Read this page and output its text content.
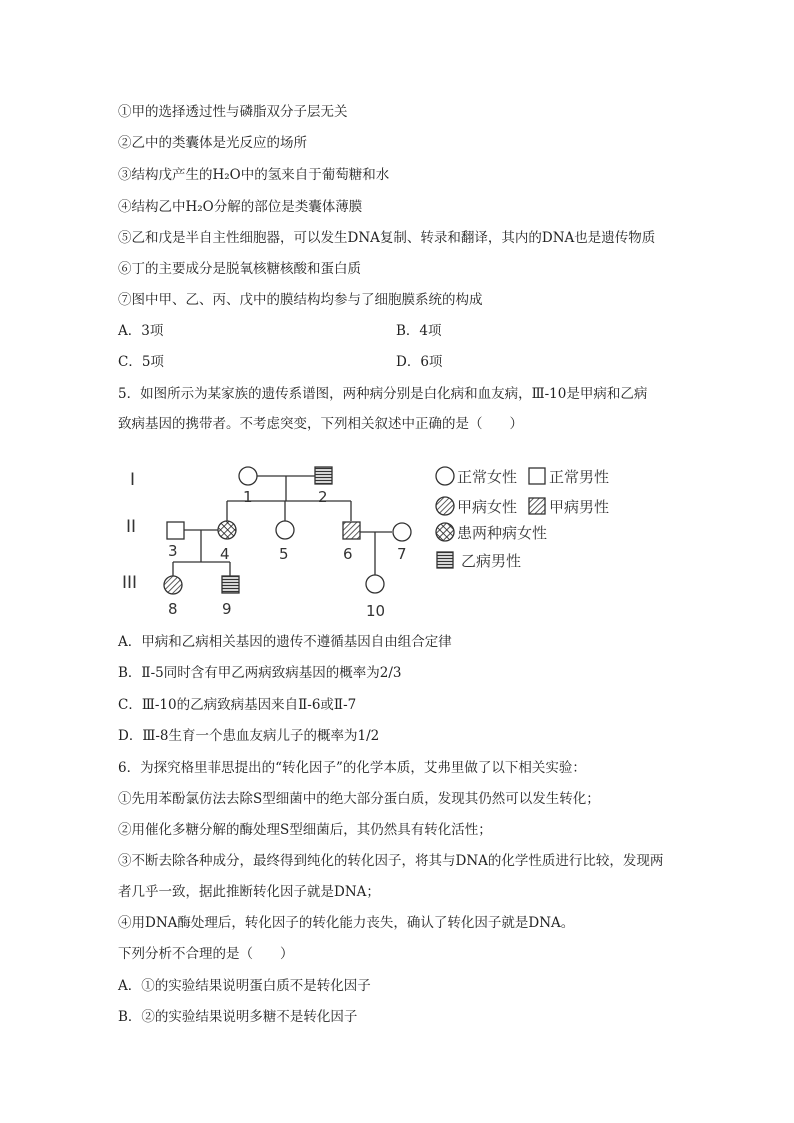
①甲的选择透过性与磷脂双分子层无关
②乙中的类囊体是光反应的场所
③结构戊产生的H₂O中的氢来自于葡萄糖和水
④结构乙中H₂O分解的部位是类囊体薄膜
⑤乙和戊是半自主性细胞器，可以发生DNA复制、转录和翻译，其内的DNA也是遗传物质
⑥丁的主要成分是脱氧核糖核酸和蛋白质
⑦图中甲、乙、丙、戊中的膜结构均参与了细胞膜系统的构成
A．3项	B．4项
C．5项	D．6项
5．如图所示为某家族的遗传系谱图，两种病分别是白化病和血友病，Ⅲ-10是甲病和乙病
致病基因的携带者。不考虑突变，下列相关叙述中正确的是（　　）
I
II
III
1	2
3	4	5	6	7
8	9	10
正常女性 正常男性
甲病女性 甲病男性
患两种病女性
乙病男性
A．甲病和乙病相关基因的遗传不遵循基因自由组合定律
B．Ⅱ-5同时含有甲乙两病致病基因的概率为2/3
C．Ⅲ-10的乙病致病基因来自Ⅱ-6或Ⅱ-7
D．Ⅲ-8生育一个患血友病儿子的概率为1/2
6．为探究格里菲思提出的“转化因子”的化学本质，艾弗里做了以下相关实验：
①先用苯酚氯仿法去除S型细菌中的绝大部分蛋白质，发现其仍然可以发生转化；
②用催化多糖分解的酶处理S型细菌后，其仍然具有转化活性；
③不断去除各种成分，最终得到纯化的转化因子，将其与DNA的化学性质进行比较，发现两
者几乎一致，据此推断转化因子就是DNA；
④用DNA酶处理后，转化因子的转化能力丧失，确认了转化因子就是DNA。
下列分析不合理的是（　　）
A．①的实验结果说明蛋白质不是转化因子
B．②的实验结果说明多糖不是转化因子
